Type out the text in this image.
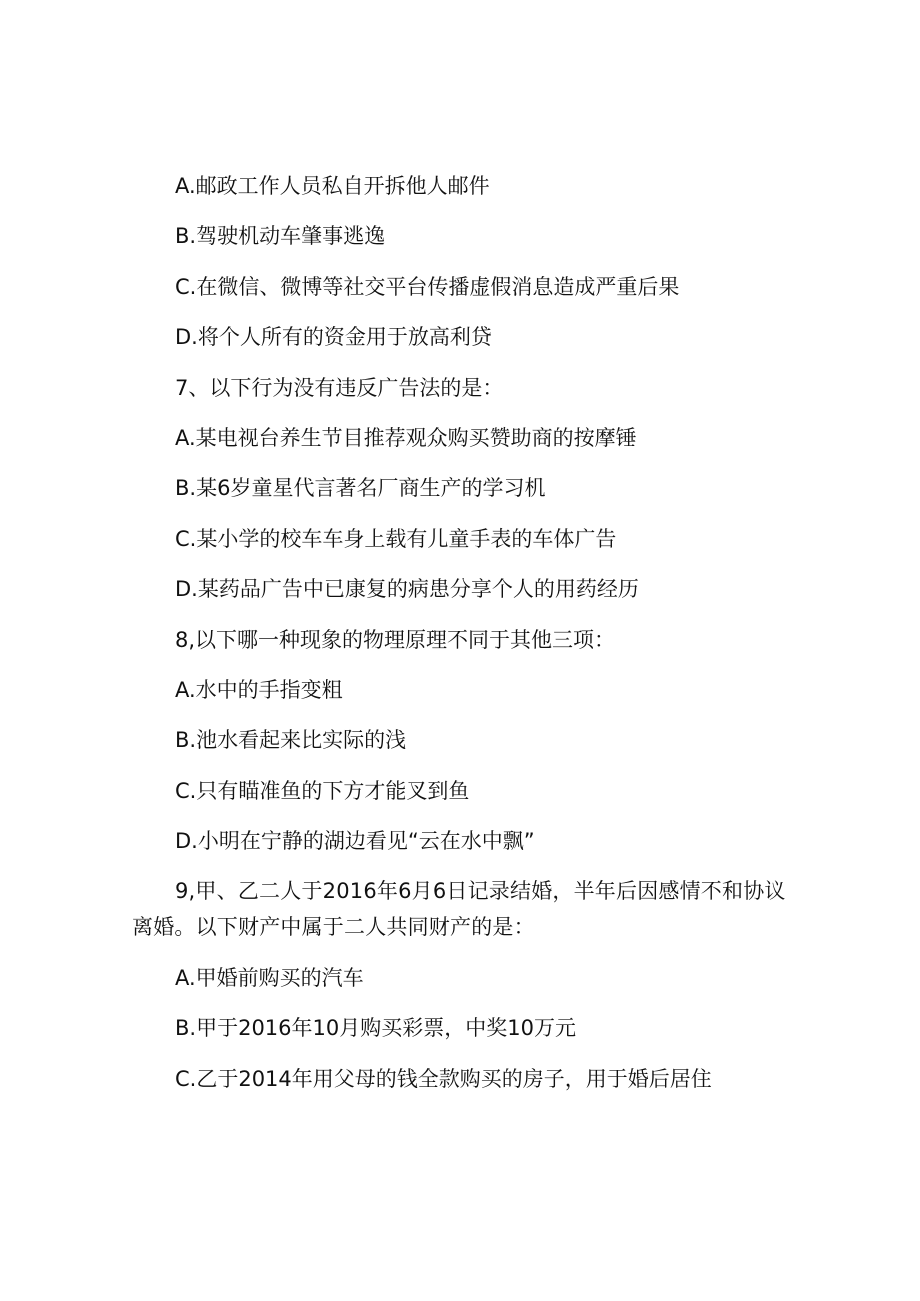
A.邮政工作人员私自开拆他人邮件
B.驾驶机动车肇事逃逸
C.在微信、微博等社交平台传播虚假消息造成严重后果
D.将个人所有的资金用于放高利贷
7、以下行为没有违反广告法的是：
A.某电视台养生节目推荐观众购买赞助商的按摩锤
B.某6岁童星代言著名厂商生产的学习机
C.某小学的校车车身上载有儿童手表的车体广告
D.某药品广告中已康复的病患分享个人的用药经历
8,以下哪一种现象的物理原理不同于其他三项：
A.水中的手指变粗
B.池水看起来比实际的浅
C.只有瞄准鱼的下方才能叉到鱼
D.小明在宁静的湖边看见“云在水中飘”
9,甲、乙二人于2016年6月6日记录结婚，半年后因感情不和协议离婚。以下财产中属于二人共同财产的是：
A.甲婚前购买的汽车
B.甲于2016年10月购买彩票，中奖10万元
C.乙于2014年用父母的钱全款购买的房子，用于婚后居住
